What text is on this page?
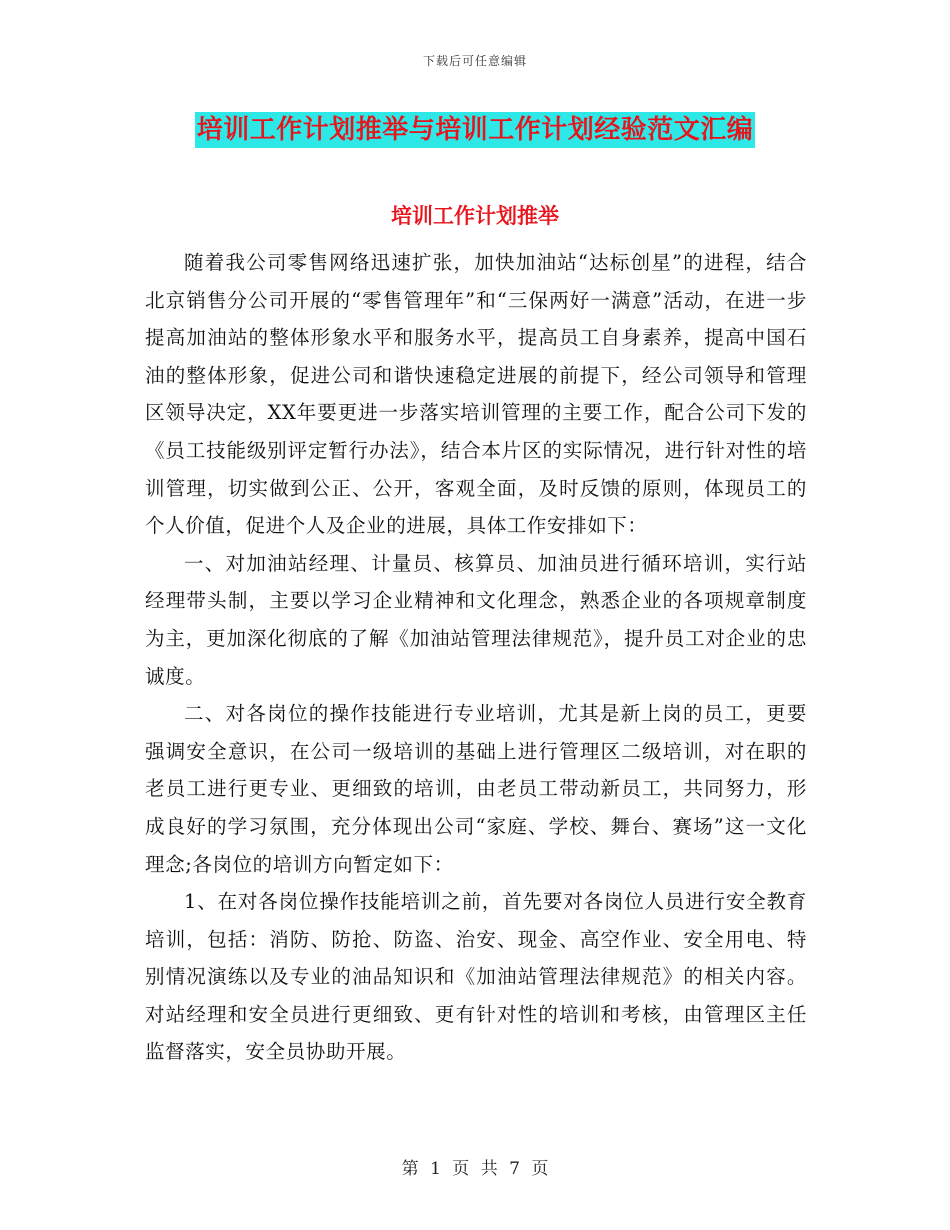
下载后可任意编辑
培训工作计划推举与培训工作计划经验范文汇编
培训工作计划推举

随着我公司零售网络迅速扩张，加快加油站“达标创星”的进程，结合北京销售分公司开展的“零售管理年”和“三保两好一满意”活动，在进一步提高加油站的整体形象水平和服务水平，提高员工自身素养，提高中国石油的整体形象，促进公司和谐快速稳定进展的前提下，经公司领导和管理区领导决定，XX年要更进一步落实培训管理的主要工作，配合公司下发的《员工技能级别评定暂行办法》，结合本片区的实际情况，进行针对性的培训管理，切实做到公正、公开，客观全面，及时反馈的原则，体现员工的个人价值，促进个人及企业的进展，具体工作安排如下：

一、对加油站经理、计量员、核算员、加油员进行循环培训，实行站经理带头制，主要以学习企业精神和文化理念，熟悉企业的各项规章制度为主，更加深化彻底的了解《加油站管理法律规范》，提升员工对企业的忠诚度。

二、对各岗位的操作技能进行专业培训，尤其是新上岗的员工，更要强调安全意识，在公司一级培训的基础上进行管理区二级培训，对在职的老员工进行更专业、更细致的培训，由老员工带动新员工，共同努力，形成良好的学习氛围，充分体现出公司“家庭、学校、舞台、赛场”这一文化理念;各岗位的培训方向暂定如下：

1、在对各岗位操作技能培训之前，首先要对各岗位人员进行安全教育培训，包括：消防、防抢、防盗、治安、现金、高空作业、安全用电、特别情况演练以及专业的油品知识和《加油站管理法律规范》的相关内容。对站经理和安全员进行更细致、更有针对性的培训和考核，由管理区主任监督落实，安全员协助开展。

第 1 页 共 7 页
